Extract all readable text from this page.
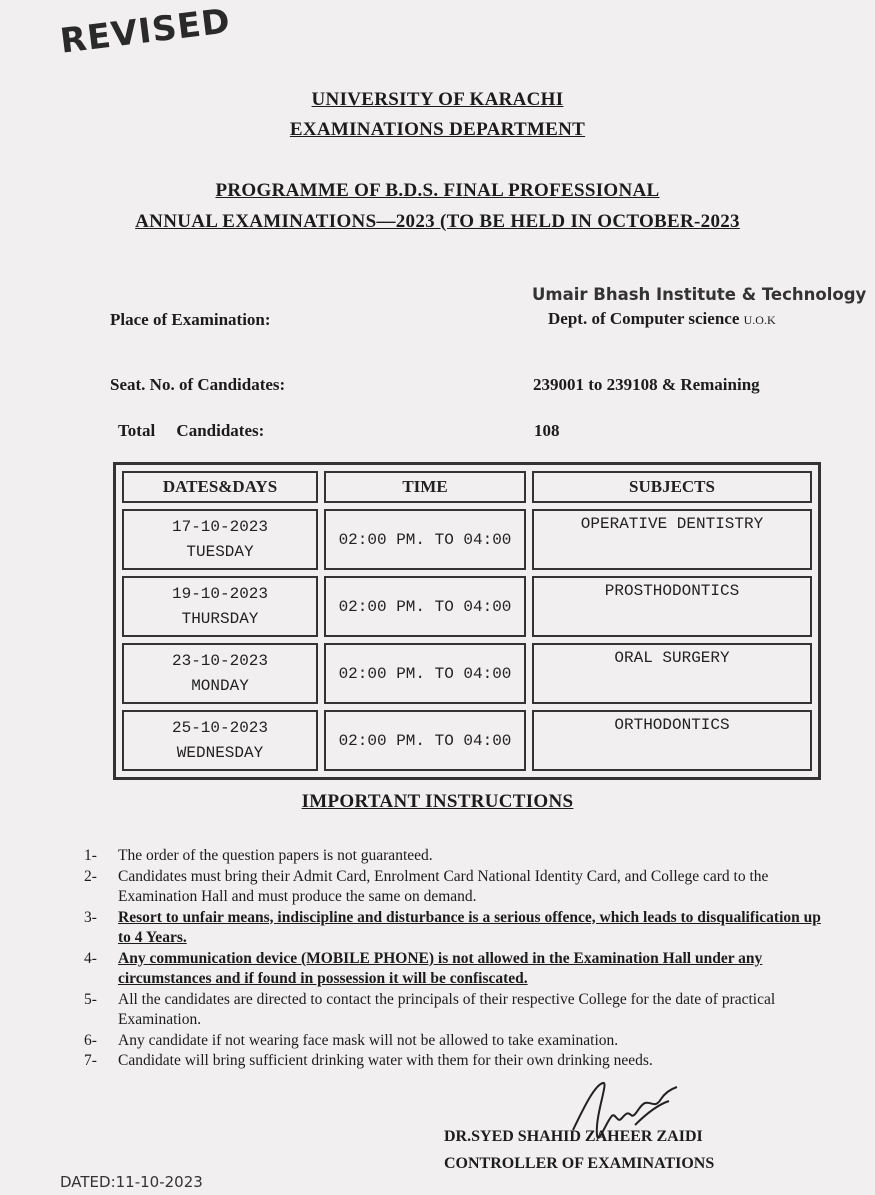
REVISED
UNIVERSITY OF KARACHI
EXAMINATIONS DEPARTMENT
PROGRAMME OF B.D.S. FINAL PROFESSIONAL
ANNUAL EXAMINATIONS—2023 (TO BE HELD IN OCTOBER-2023
Umair Bhash Institute & Technology
Place of Examination:	Dept. of Computer science U.O.K
Seat. No. of Candidates:	239001 to 239108 & Remaining
Total     Candidates:	108
DATES&DAYS	TIME	SUBJECTS

17-10-2023
TUESDAY	02:00 PM. TO 04:00	OPERATIVE DENTISTRY

19-10-2023
THURSDAY	02:00 PM. TO 04:00	PROSTHODONTICS

23-10-2023
MONDAY	02:00 PM. TO 04:00	ORAL SURGERY

25-10-2023
WEDNESDAY	02:00 PM. TO 04:00	ORTHODONTICS
IMPORTANT INSTRUCTIONS
1-	The order of the question papers is not guaranteed.
2-	Candidates must bring their Admit Card, Enrolment Card National Identity Card, and College card to the Examination Hall and must produce the same on demand.
3-	Resort to unfair means, indiscipline and disturbance is a serious offence, which leads to disqualification up to 4 Years.
4-	Any communication device (MOBILE PHONE) is not allowed in the Examination Hall under any circumstances and if found in possession it will be confiscated.
5-	All the candidates are directed to contact the principals of their respective College for the date of practical Examination.
6-	Any candidate if not wearing face mask will not be allowed to take examination.
7-	Candidate will bring sufficient drinking water with them for their own drinking needs.
DR.SYED SHAHID ZAHEER ZAIDI
CONTROLLER OF EXAMINATIONS
DATED:11-10-2023
